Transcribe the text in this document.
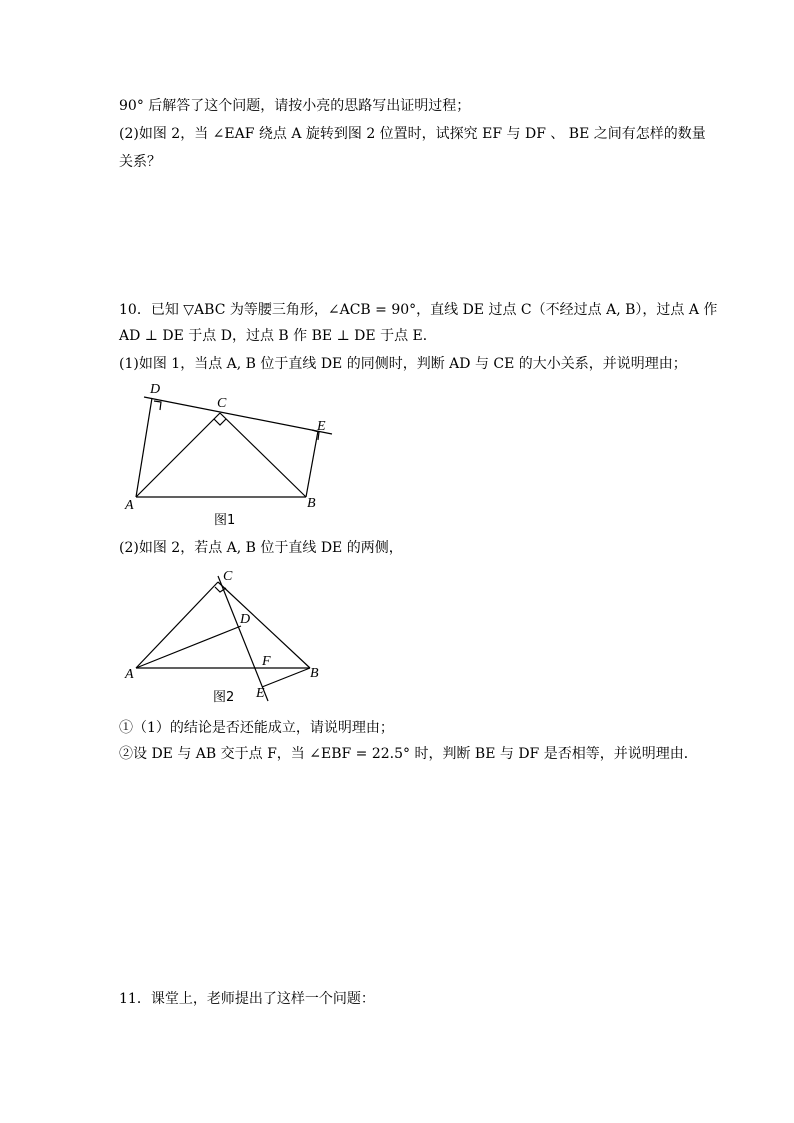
90° 后解答了这个问题，请按小亮的思路写出证明过程；
(2)如图 2，当 ∠EAF 绕点 A 旋转到图 2 位置时，试探究 EF 与 DF 、 BE 之间有怎样的数量
关系？
10．已知 ▽ABC 为等腰三角形，∠ACB = 90°，直线 DE 过点 C（不经过点 A, B），过点 A 作
AD ⊥ DE 于点 D，过点 B 作 BE ⊥ DE 于点 E．
(1)如图 1，当点 A, B 位于直线 DE 的同侧时，判断 AD 与 CE 的大小关系，并说明理由；
D
C
E
A	B
图1
(2)如图 2，若点 A, B 位于直线 DE 的两侧，
C
D
F
A	B
E
图2
①（1）的结论是否还能成立，请说明理由；
②设 DE 与 AB 交于点 F，当 ∠EBF = 22.5° 时，判断 BE 与 DF 是否相等，并说明理由．
11．课堂上，老师提出了这样一个问题：
